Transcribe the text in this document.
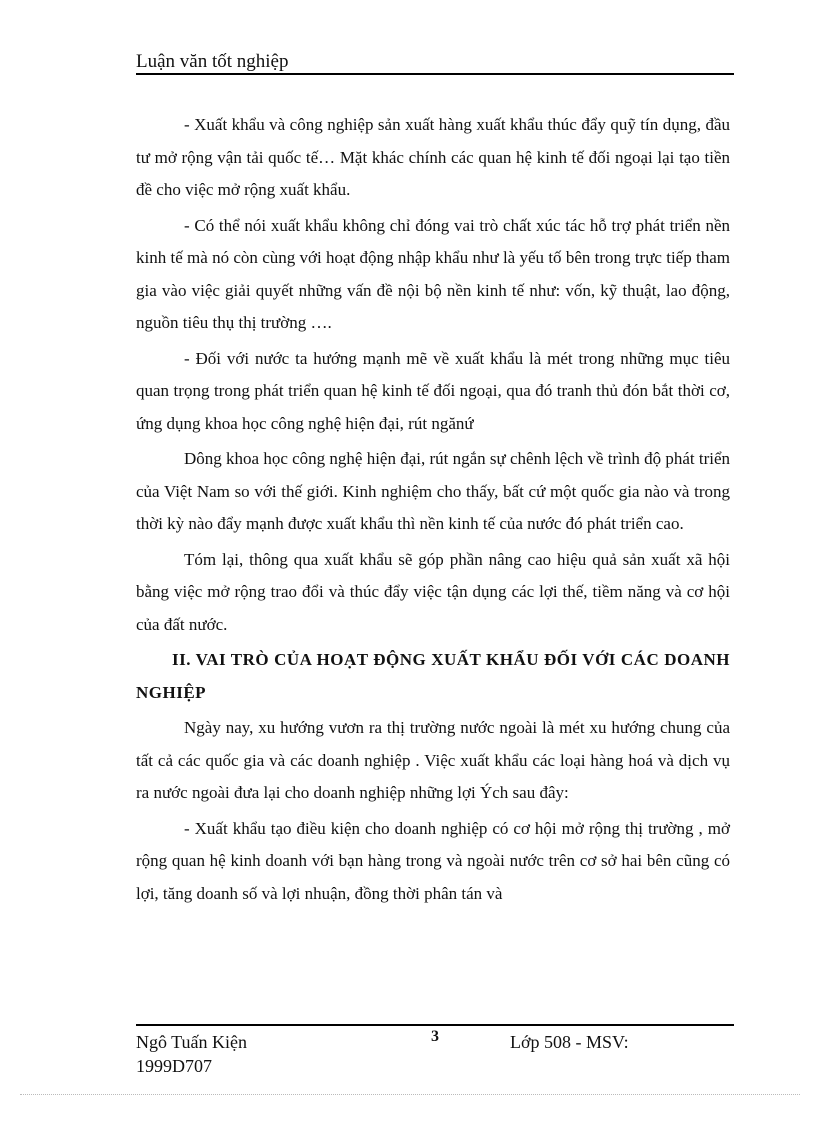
Luận văn tốt nghiệp

- Xuất khẩu và công nghiệp sản xuất hàng xuất khẩu thúc đẩy quỹ tín dụng, đầu tư mở rộng vận tải quốc tế… Mặt khác chính các quan hệ kinh tế đối ngoại lại tạo tiền đề cho việc mở rộng xuất khẩu.

- Có thể nói xuất khẩu không chỉ đóng vai trò chất xúc tác hỗ trợ phát triển nền kinh tế mà nó còn cùng với hoạt động nhập khẩu như là yếu tố bên trong trực tiếp tham gia vào việc giải quyết những vấn đề nội bộ nền kinh tế như: vốn, kỹ thuật, lao động, nguồn tiêu thụ thị trường ….

- Đối với nước ta hướng mạnh mẽ về xuất khẩu là mét trong những mục tiêu quan trọng trong phát triển quan hệ kinh tế đối ngoại, qua đó tranh thủ đón bắt thời cơ, ứng dụng khoa học công nghệ hiện đại, rút ngănứ

Dông khoa học công nghệ hiện đại, rút ngắn sự chênh lệch về trình độ phát triển của Việt Nam so với thế giới. Kinh nghiệm cho thấy, bất cứ một quốc gia nào và trong thời kỳ nào đẩy mạnh được xuất khẩu thì nền kinh tế của nước đó phát triển cao.

Tóm lại, thông qua xuất khẩu sẽ góp phần nâng cao hiệu quả sản xuất xã hội bằng việc mở rộng trao đổi và thúc đẩy việc tận dụng các lợi thế, tiềm năng và cơ hội của đất nước.

II. VAI TRÒ CỦA HOẠT ĐỘNG XUẤT KHẨU ĐỐI VỚI CÁC DOANH NGHIỆP

Ngày nay, xu hướng vươn ra thị trường nước ngoài là mét xu hướng chung của tất cả các quốc gia và các doanh nghiệp . Việc xuất khẩu các loại hàng hoá và dịch vụ ra nước ngoài đưa lại cho doanh nghiệp những lợi Ých sau đây:

- Xuất khẩu tạo điều kiện cho doanh nghiệp có cơ hội mở rộng thị trường , mở rộng quan hệ kinh doanh với bạn hàng trong và ngoài nước trên cơ sở hai bên cũng có lợi, tăng doanh số và lợi nhuận, đồng thời phân tán và

Ngô Tuấn Kiện
1999D707
3	Lớp 508 - MSV:
